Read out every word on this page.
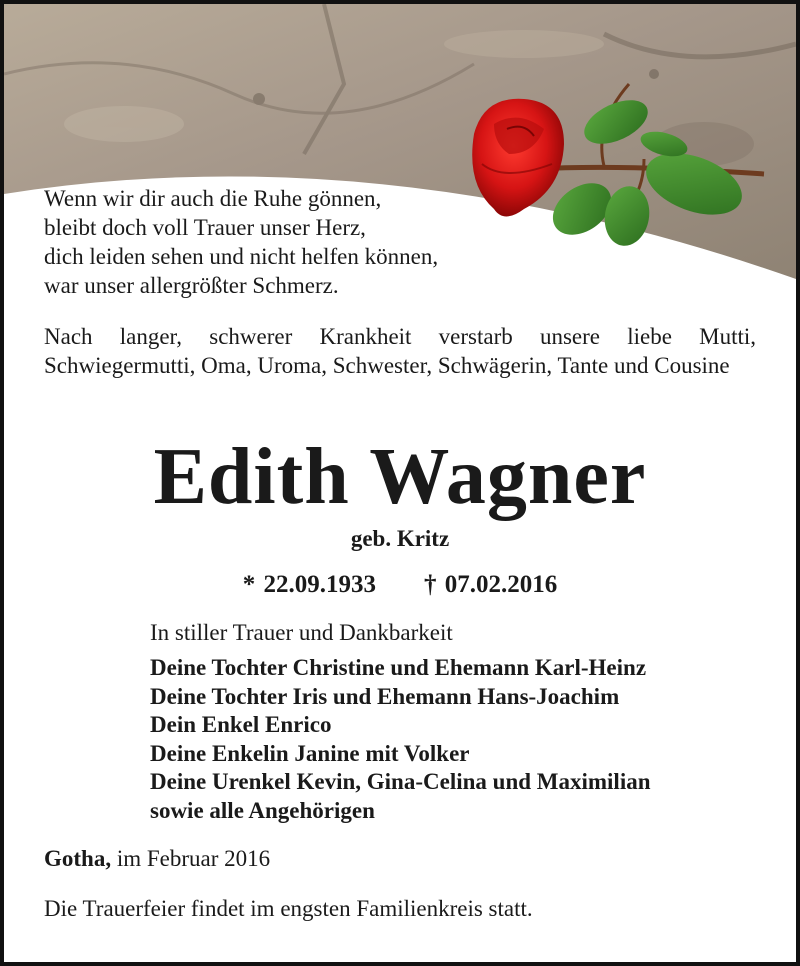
Wenn wir dir auch die Ruhe gönnen,
bleibt doch voll Trauer unser Herz,
dich leiden sehen und nicht helfen können,
war unser allergrößter Schmerz.

Nach langer, schwerer Krankheit verstarb unsere liebe Mutti, Schwiegermutti, Oma, Uroma, Schwester, Schwägerin, Tante und Cousine

Edith Wagner
geb. Kritz
* 22.09.1933 † 07.02.2016
In stiller Trauer und Dankbarkeit
Deine Tochter Christine und Ehemann Karl-Heinz
Deine Tochter Iris und Ehemann Hans-Joachim
Dein Enkel Enrico
Deine Enkelin Janine mit Volker
Deine Urenkel Kevin, Gina-Celina und Maximilian
sowie alle Angehörigen
Gotha, im Februar 2016
Die Trauerfeier findet im engsten Familienkreis statt.
